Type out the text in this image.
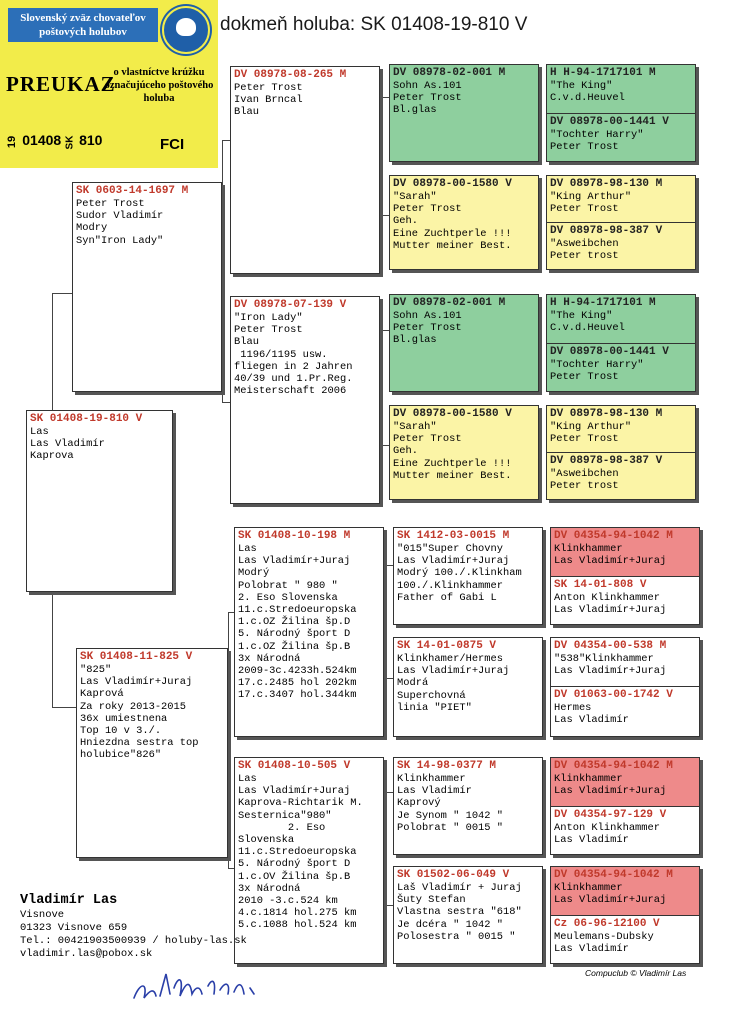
dokmeň holuba: SK 01408-19-810 V
Slovenský zväz chovateľov poštových holubov
PREUKAZ
o vlastníctve krúžku označujúceho poštového holuba
19 01408 SK 810	FCI
SK 01408-19-810 V
Las
Las Vladimír
Kaprova
SK 0603-14-1697 M
Peter Trost
Sudor Vladimír
Modry
Syn"Iron Lady"
SK 01408-11-825 V
"825"
Las Vladimír+Juraj
Kaprová
Za roky 2013-2015
36x umiestnena
Top 10 v 3./.
Hniezdna sestra top
holubice"826"
DV 08978-08-265 M
Peter Trost
Ivan Brncal
Blau
DV 08978-07-139 V
"Iron Lady"
Peter Trost
Blau
1196/1195 usw.
fliegen in 2 Jahren
40/39 und 1.Pr.Reg.
Meisterschaft 2006
SK 01408-10-198 M
Las
Las Vladimír+Juraj
Modrý
Polobrat " 980 "
2. Eso Slovenska
11.c.Stredoeuropska
1.c.OZ Žilina šp.D
5. Národný šport D
1.c.OZ Žilina šp.B
3x Národná
2009-3c.4233h.524km
17.c.2485 hol 202km
17.c.3407 hol.344km
SK 01408-10-505 V
Las
Las Vladimír+Juraj
Kaprova-Richtarik M.
Sesternica"980"
2. Eso
Slovenska
11.c.Stredoeuropska
5. Národný šport D
1.c.OV Žilina šp.B
3x Národná
2010 -3.c.524 km
4.c.1814 hol.275 km
5.c.1088 hol.524 km
DV 08978-02-001 M
Sohn As.101
Peter Trost
Bl.glas
DV 08978-00-1580 V
"Sarah"
Peter Trost
Geh.
Eine Zuchtperle !!!
Mutter meiner Best.
DV 08978-02-001 M
Sohn As.101
Peter Trost
Bl.glas
DV 08978-00-1580 V
"Sarah"
Peter Trost
Geh.
Eine Zuchtperle !!!
Mutter meiner Best.
SK 1412-03-0015 M
"015"Super Chovny
Las Vladimír+Juraj
Modrý 100./.Klinkham
100./.Klinkhammer
Father of Gabi L
SK 14-01-0875 V
Klinkhamer/Hermes
Las Vladimír+Juraj
Modrá
Superchovná
linia "PIET"
SK 14-98-0377 M
Klinkhammer
Las Vladimír
Kaprový
Je Synom " 1042 "
Polobrat " 0015 "
SK 01502-06-049 V
Laš Vladimír + Juraj
Šuty Stefan
Vlastna sestra "618"
Je dcéra " 1042 "
Polosestra " 0015 "
H H-94-1717101 M
"The King"
C.v.d.Heuvel
DV 08978-00-1441 V
"Tochter Harry"
Peter Trost
DV 08978-98-130 M
"King Arthur"
Peter Trost
DV 08978-98-387 V
"Asweibchen
Peter trost
H H-94-1717101 M
"The King"
C.v.d.Heuvel
DV 08978-00-1441 V
"Tochter Harry"
Peter Trost
DV 08978-98-130 M
"King Arthur"
Peter Trost
DV 08978-98-387 V
"Asweibchen
Peter trost
DV 04354-94-1042 M
Klinkhammer
Las Vladimír+Juraj
SK 14-01-808 V
Anton Klinkhammer
Las Vladimír+Juraj
DV 04354-00-538 M
"538"Klinkhammer
Las Vladimír+Juraj
DV 01063-00-1742 V
Hermes
Las Vladimír
DV 04354-94-1042 M
Klinkhammer
Las Vladimír+Juraj
DV 04354-97-129 V
Anton Klinkhammer
Las Vladimír
DV 04354-94-1042 M
Klinkhammer
Las Vladimír+Juraj
Cz 06-96-12100 V
Meulemans-Dubsky
Las Vladimír
Vladimír Las
Visnove
01323 Visnove 659
Tel.: 00421903500939 / holuby-las.sk
vladimir.las@pobox.sk
Compuclub © Vladimír Las
